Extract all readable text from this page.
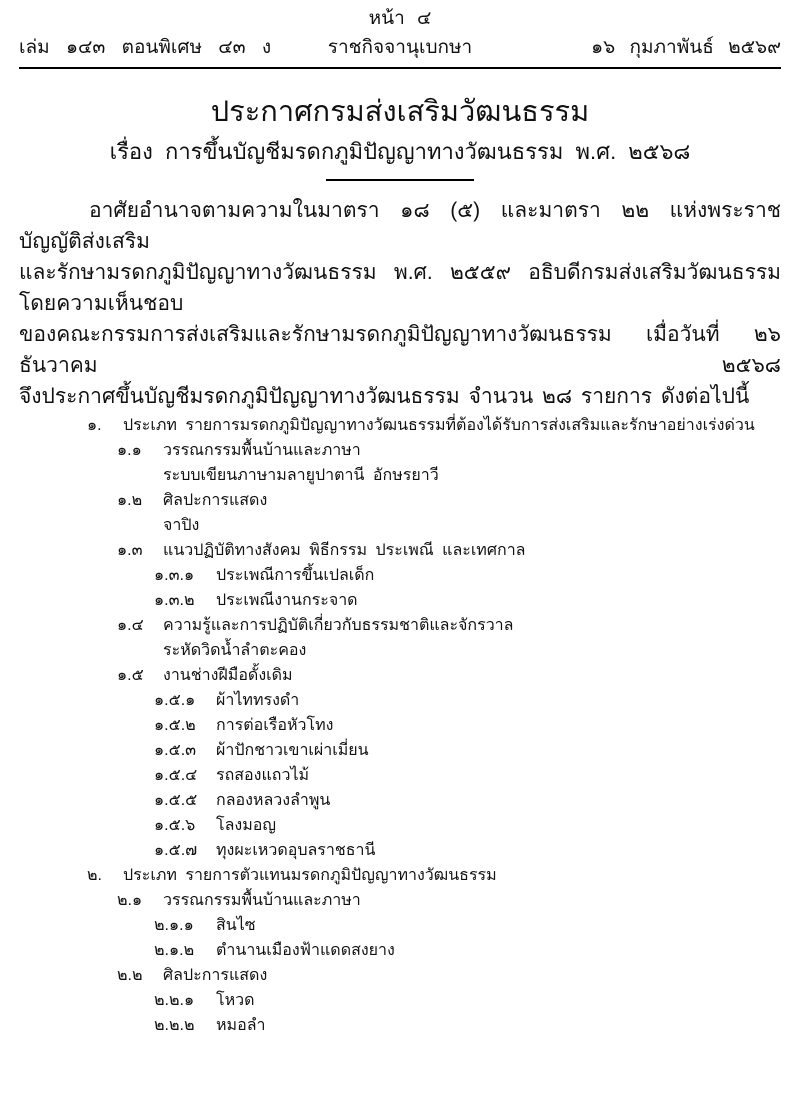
หน้า ๔
เล่ม ๑๔๓ ตอนพิเศษ ๔๓ ง	ราชกิจจานุเบกษา	๑๖ กุมภาพันธ์ ๒๕๖๙
ประกาศกรมส่งเสริมวัฒนธรรม
เรื่อง การขึ้นบัญชีมรดกภูมิปัญญาทางวัฒนธรรม พ.ศ. ๒๕๖๘
อาศัยอำนาจตามความในมาตรา ๑๘ (๕) และมาตรา ๒๒ แห่งพระราชบัญญัติส่งเสริม
และรักษามรดกภูมิปัญญาทางวัฒนธรรม พ.ศ. ๒๕๕๙ อธิบดีกรมส่งเสริมวัฒนธรรม โดยความเห็นชอบ
ของคณะกรรมการส่งเสริมและรักษามรดกภูมิปัญญาทางวัฒนธรรม เมื่อวันที่ ๒๖ ธันวาคม ๒๕๖๘
จึงประกาศขึ้นบัญชีมรดกภูมิปัญญาทางวัฒนธรรม จำนวน ๒๘ รายการ ดังต่อไปนี้
๑. ประเภท รายการมรดกภูมิปัญญาทางวัฒนธรรมที่ต้องได้รับการส่งเสริมและรักษาอย่างเร่งด่วน
๑.๑ วรรณกรรมพื้นบ้านและภาษา
ระบบเขียนภาษามลายูปาตานี อักษรยาวี
๑.๒ ศิลปะการแสดง
จาปิง
๑.๓ แนวปฏิบัติทางสังคม พิธีกรรม ประเพณี และเทศกาล
๑.๓.๑ ประเพณีการขึ้นเปลเด็ก
๑.๓.๒ ประเพณีงานกระจาด
๑.๔ ความรู้และการปฏิบัติเกี่ยวกับธรรมชาติและจักรวาล
ระหัดวิดน้ำลำตะคอง
๑.๕ งานช่างฝีมือดั้งเดิม
๑.๕.๑ ผ้าไททรงดำ
๑.๕.๒ การต่อเรือหัวโทง
๑.๕.๓ ผ้าปักชาวเขาเผ่าเมี่ยน
๑.๕.๔ รถสองแถวไม้
๑.๕.๕ กลองหลวงลำพูน
๑.๕.๖ โลงมอญ
๑.๕.๗ ทุงผะเหวดอุบลราชธานี
๒. ประเภท รายการตัวแทนมรดกภูมิปัญญาทางวัฒนธรรม
๒.๑ วรรณกรรมพื้นบ้านและภาษา
๒.๑.๑ สินไซ
๒.๑.๒ ตำนานเมืองฟ้าแดดสงยาง
๒.๒ ศิลปะการแสดง
๒.๒.๑ โหวด
๒.๒.๒ หมอลำ
